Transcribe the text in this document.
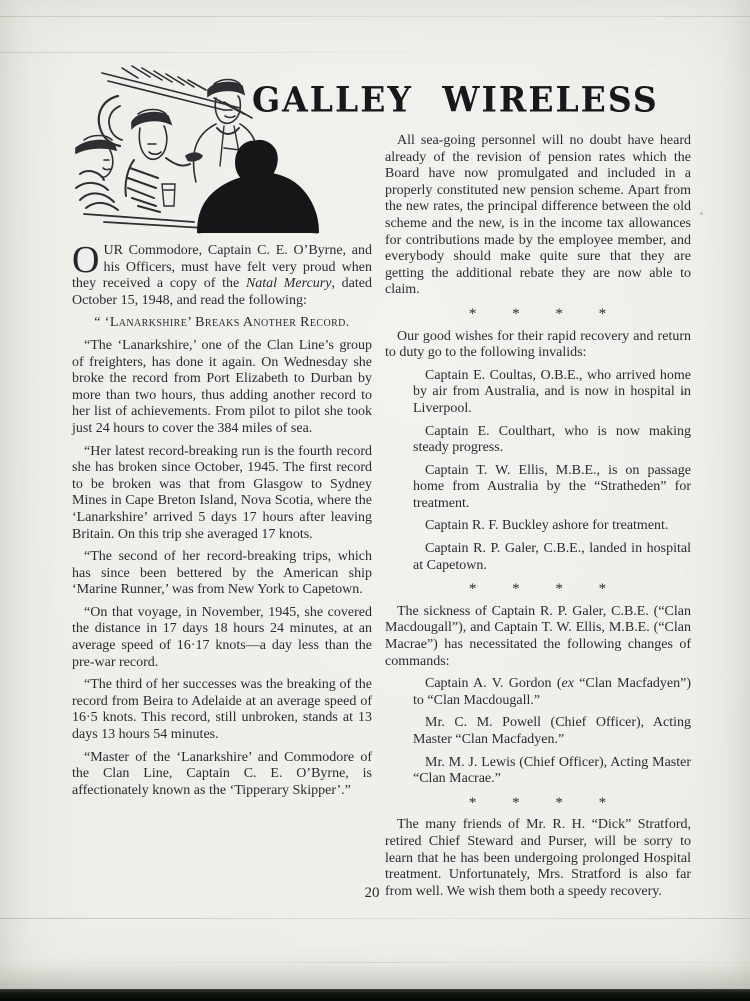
GALLEY WIRELESS

OUR Commodore, Captain C. E. O’Byrne, and his Officers, must have felt very proud when they received a copy of the Natal Mercury, dated October 15, 1948, and read the following:

“ ‘Lanarkshire’ Breaks Another Record.

“The ‘Lanarkshire,’ one of the Clan Line’s group of freighters, has done it again. On Wednesday she broke the record from Port Elizabeth to Durban by more than two hours, thus adding another record to her list of achievements. From pilot to pilot she took just 24 hours to cover the 384 miles of sea.

“Her latest record-breaking run is the fourth record she has broken since October, 1945. The first record to be broken was that from Glasgow to Sydney Mines in Cape Breton Island, Nova Scotia, where the ‘Lanarkshire’ arrived 5 days 17 hours after leaving Britain. On this trip she averaged 17 knots.

“The second of her record-breaking trips, which has since been bettered by the American ship ‘Marine Runner,’ was from New York to Capetown.

“On that voyage, in November, 1945, she covered the distance in 17 days 18 hours 24 minutes, at an average speed of 16·17 knots—a day less than the pre-war record.

“The third of her successes was the breaking of the record from Beira to Adelaide at an average speed of 16·5 knots. This record, still unbroken, stands at 13 days 13 hours 54 minutes.

“Master of the ‘Lanarkshire’ and Commodore of the Clan Line, Captain C. E. O’Byrne, is affectionately known as the ‘Tipperary Skipper’.”

All sea-going personnel will no doubt have heard already of the revision of pension rates which the Board have now promulgated and included in a properly constituted new pension scheme. Apart from the new rates, the principal difference between the old scheme and the new, is in the income tax allowances for contributions made by the employee member, and everybody should make quite sure that they are getting the additional rebate they are now able to claim.

* * * *

Our good wishes for their rapid recovery and return to duty go to the following invalids:

Captain E. Coultas, O.B.E., who arrived home by air from Australia, and is now in hospital in Liverpool.

Captain E. Coulthart, who is now making steady progress.

Captain T. W. Ellis, M.B.E., is on passage home from Australia by the “Stratheden” for treatment.

Captain R. F. Buckley ashore for treatment.

Captain R. P. Galer, C.B.E., landed in hospital at Capetown.

* * * *

The sickness of Captain R. P. Galer, C.B.E. (“Clan Macdougall”), and Captain T. W. Ellis, M.B.E. (“Clan Macrae”) has necessitated the following changes of commands:

Captain A. V. Gordon (ex “Clan Macfadyen”) to “Clan Macdougall.”

Mr. C. M. Powell (Chief Officer), Acting Master “Clan Macfadyen.”

Mr. M. J. Lewis (Chief Officer), Acting Master “Clan Macrae.”

* * * *

The many friends of Mr. R. H. “Dick” Stratford, retired Chief Steward and Purser, will be sorry to learn that he has been undergoing prolonged Hospital treatment. Unfortunately, Mrs. Stratford is also far from well. We wish them both a speedy recovery.

20
